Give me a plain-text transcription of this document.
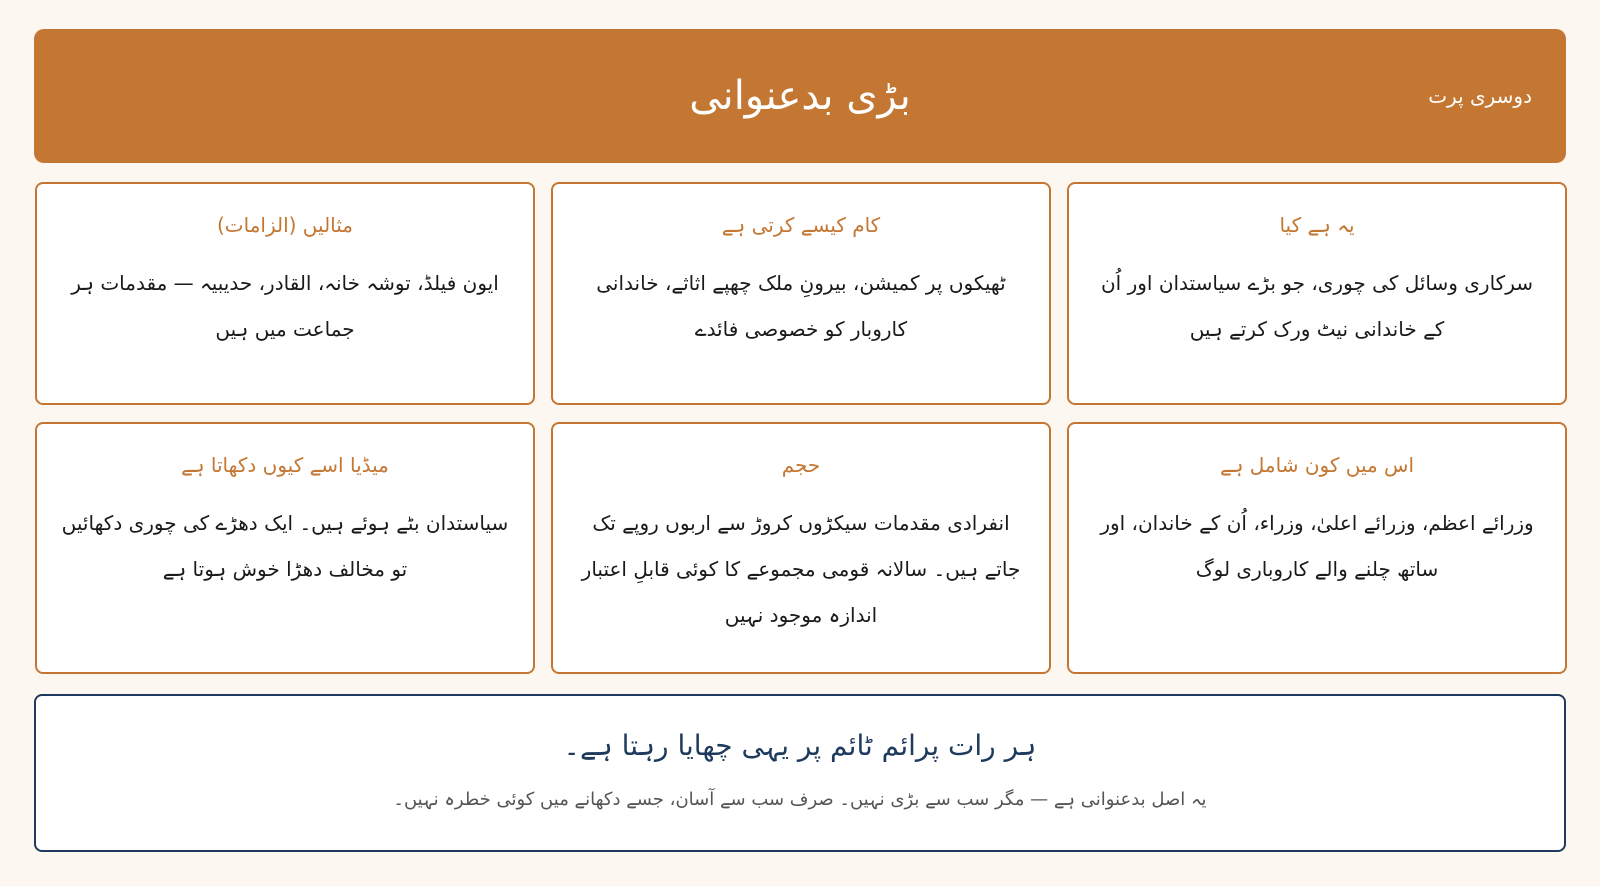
بڑی بدعنوانی	دوسری پرت
یہ ہے کیا
سرکاری وسائل کی چوری، جو بڑے سیاستدان اور اُن کے خاندانی نیٹ ورک کرتے ہیں
کام کیسے کرتی ہے
ٹھیکوں پر کمیشن، بیرونِ ملک چھپے اثاثے، خاندانی کاروبار کو خصوصی فائدے
مثالیں (الزامات)
ایون فیلڈ، توشہ خانہ، القادر، حدیبیہ — مقدمات ہر جماعت میں ہیں
اس میں کون شامل ہے
وزرائے اعظم، وزرائے اعلیٰ، وزراء، اُن کے خاندان، اور ساتھ چلنے والے کاروباری لوگ
حجم
انفرادی مقدمات سیکڑوں کروڑ سے اربوں روپے تک جاتے ہیں۔ سالانہ قومی مجموعے کا کوئی قابلِ اعتبار اندازہ موجود نہیں
میڈیا اسے کیوں دکھاتا ہے
سیاستدان بٹے ہوئے ہیں۔ ایک دھڑے کی چوری دکھائیں تو مخالف دھڑا خوش ہوتا ہے
ہر رات پرائم ٹائم پر یہی چھایا رہتا ہے۔
یہ اصل بدعنوانی ہے — مگر سب سے بڑی نہیں۔ صرف سب سے آسان، جسے دکھانے میں کوئی خطرہ نہیں۔
